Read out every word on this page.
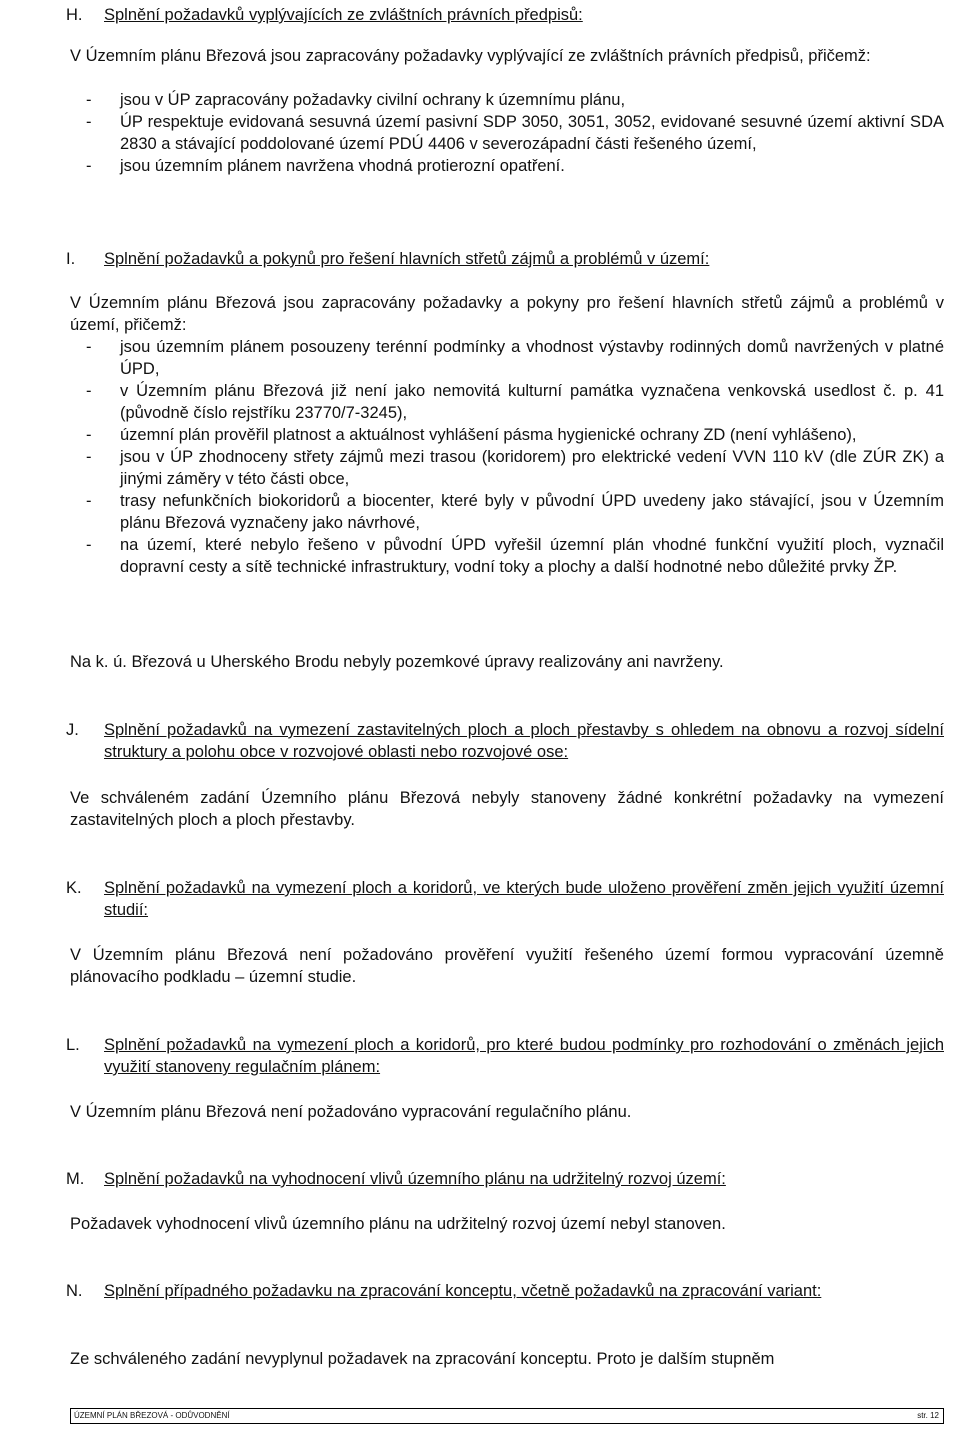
H. Splnění požadavků vyplývajících ze zvláštních právních předpisů:
V Územním plánu Březová jsou zapracovány požadavky vyplývající ze zvláštních právních předpisů, přičemž:
- jsou v ÚP zapracovány požadavky civilní ochrany k územnímu plánu,
- ÚP respektuje evidovaná sesuvná území pasivní SDP 3050, 3051, 3052, evidované sesuvné území aktivní SDA 2830 a stávající poddolované území PDÚ 4406 v severozápadní části řešeného území,
- jsou územním plánem navržena vhodná protierozní opatření.
I. Splnění požadavků a pokynů pro řešení hlavních střetů zájmů a problémů v území:
V Územním plánu Březová jsou zapracovány požadavky a pokyny pro řešení hlavních střetů zájmů a problémů v území, přičemž:
- jsou územním plánem posouzeny terénní podmínky a vhodnost výstavby rodinných domů navržených v platné ÚPD,
- v Územním plánu Březová již není jako nemovitá kulturní památka vyznačena venkovská usedlost č. p. 41 (původně číslo rejstříku 23770/7-3245),
- územní plán prověřil platnost a aktuálnost vyhlášení pásma hygienické ochrany ZD (není vyhlášeno),
- jsou v ÚP zhodnoceny střety zájmů mezi trasou (koridorem) pro elektrické vedení VVN 110 kV (dle ZÚR ZK) a jinými záměry v této části obce,
- trasy nefunkčních biokoridorů a biocenter, které byly v původní ÚPD uvedeny jako stávající, jsou v Územním plánu Březová vyznačeny jako návrhové,
- na území, které nebylo řešeno v původní ÚPD vyřešil územní plán vhodné funkční využití ploch, vyznačil dopravní cesty a sítě technické infrastruktury, vodní toky a plochy a další hodnotné nebo důležité prvky ŽP.
Na k. ú. Březová u Uherského Brodu nebyly pozemkové úpravy realizovány ani navrženy.
J. Splnění požadavků na vymezení zastavitelných ploch a ploch přestavby s ohledem na obnovu a rozvoj sídelní struktury a polohu obce v rozvojové oblasti nebo rozvojové ose:
Ve schváleném zadání Územního plánu Březová nebyly stanoveny žádné konkrétní požadavky na vymezení zastavitelných ploch a ploch přestavby.
K. Splnění požadavků na vymezení ploch a koridorů, ve kterých bude uloženo prověření změn jejich využití územní studií:
V Územním plánu Březová není požadováno prověření využití řešeného území formou vypracování územně plánovacího podkladu – územní studie.
L. Splnění požadavků na vymezení ploch a koridorů, pro které budou podmínky pro rozhodování o změnách jejich využití stanoveny regulačním plánem:
V Územním plánu Březová není požadováno vypracování regulačního plánu.
M. Splnění požadavků na vyhodnocení vlivů územního plánu na udržitelný rozvoj území:
Požadavek vyhodnocení vlivů územního plánu na udržitelný rozvoj území nebyl stanoven.
N. Splnění případného požadavku na zpracování konceptu, včetně požadavků na zpracování variant:
Ze schváleného zadání nevyplynul požadavek na zpracování konceptu. Proto je dalším stupněm
ÚZEMNÍ PLÁN BŘEZOVÁ - ODŮVODNĚNÍ	str. 12
